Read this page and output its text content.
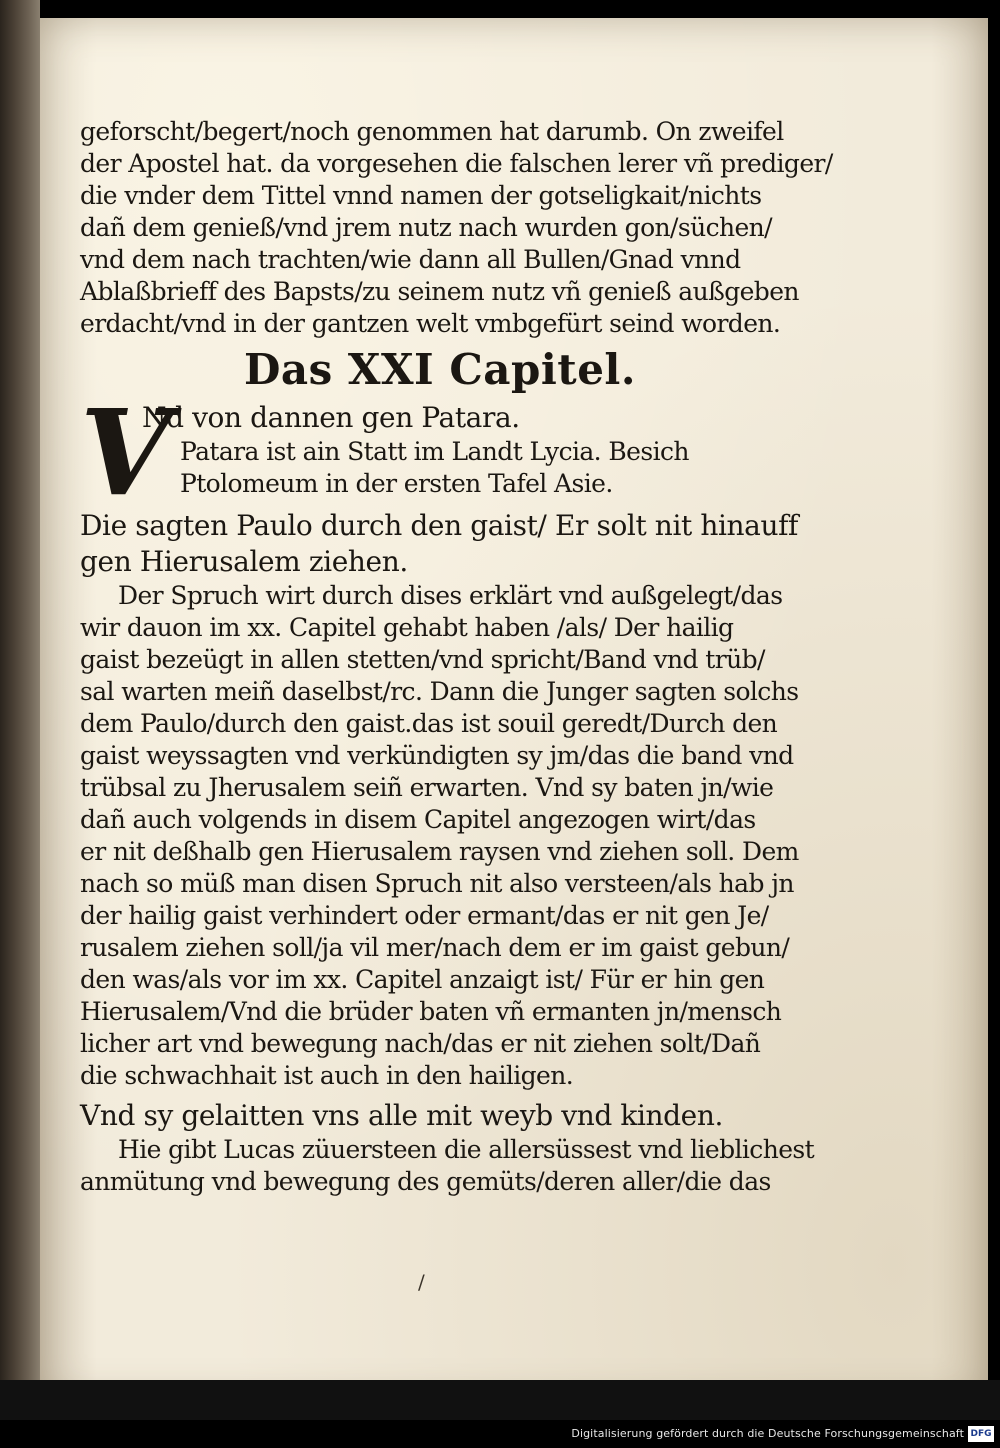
geforscht/begert/noch genommen hat darumb. On zweifel
der Apostel hat. da vorgesehen die falschen lerer vñ prediger/
die vnder dem Tittel vnnd namen der gotseligkait/nichts
dañ dem genieß/vnd jrem nutz nach wurden gon/süchen/
vnd dem nach trachten/wie dann all Bullen/Gnad vnnd
Ablaßbrieff des Bapsts/zu seinem nutz vñ genieß außgeben
erdacht/vnd in der gantzen welt vmbgefürt seind worden.
Das XXI Capitel.
V
Nd von dannen gen Patara.
Patara ist ain Statt im Landt Lycia. Besich
Ptolomeum in der ersten Tafel Asie.
Die sagten Paulo durch den gaist/ Er solt nit hinauff
gen Hierusalem ziehen.
Der Spruch wirt durch dises erklärt vnd außgelegt/das
wir dauon im xx. Capitel gehabt haben /als/ Der hailig
gaist bezeügt in allen stetten/vnd spricht/Band vnd trüb/
sal warten meiñ daselbst/rc. Dann die Junger sagten solchs
dem Paulo/durch den gaist.das ist souil geredt/Durch den
gaist weyssagten vnd verkündigten sy jm/das die band vnd
trübsal zu Jherusalem seiñ erwarten. Vnd sy baten jn/wie
dañ auch volgends in disem Capitel angezogen wirt/das
er nit deßhalb gen Hierusalem raysen vnd ziehen soll. Dem
nach so müß man disen Spruch nit also versteen/als hab jn
der hailig gaist verhindert oder ermant/das er nit gen Je/
rusalem ziehen soll/ja vil mer/nach dem er im gaist gebun/
den was/als vor im xx. Capitel anzaigt ist/ Für er hin gen
Hierusalem/Vnd die brüder baten vñ ermanten jn/mensch
licher art vnd bewegung nach/das er nit ziehen solt/Dañ
die schwachhait ist auch in den hailigen.
Vnd sy gelaitten vns alle mit weyb vnd kinden.
Hie gibt Lucas züuersteen die allersüssest vnd lieblichest
anmütung vnd bewegung des gemüts/deren aller/die das
/
Digitalisierung gefördert durch die Deutsche Forschungsgemeinschaft DFG
